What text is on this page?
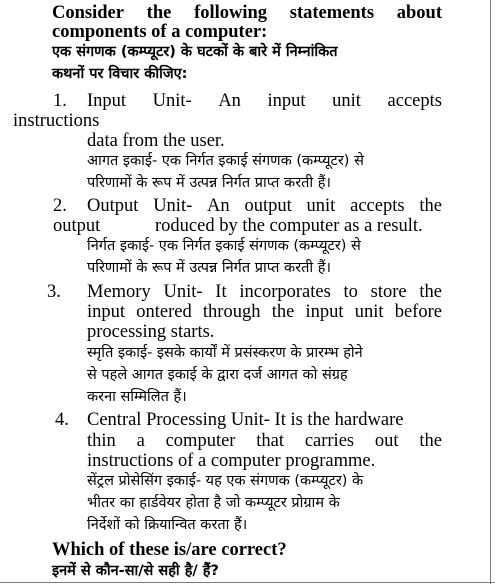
Consider the following statements about
components of a computer:
एक संगणक (कम्प्यूटर) के घटकों के बारे में निम्नांकित
कथनों पर विचार कीजिए:
1. Input Unit- An input unit accepts
instructions
data from the user.
आगत इकाई- एक निर्गत इकाई संगणक (कम्प्यूटर) से
परिणामों के रूप में उत्पन्न निर्गत प्राप्त करती हैं।
2. Output Unit- An output unit accepts the
output	roduced by the computer as a result.
निर्गत इकाई- एक निर्गत इकाई संगणक (कम्प्यूटर) से
परिणामों के रूप में उत्पन्न निर्गत प्राप्त करती हैं।
3. Memory Unit- It incorporates to store the
input ontered through the input unit before
processing starts.
स्मृति इकाई- इसके कार्यों में प्रसंस्करण के प्रारम्भ होने
से पहले आगत इकाई के द्वारा दर्ज आगत को संग्रह
करना सम्मिलित हैं।
4. Central Processing Unit- It is the hardware
thin a computer that carries out the
instructions of a computer programme.
सेंट्रल प्रोसेसिंग इकाई- यह एक संगणक (कम्प्यूटर) के
भीतर का हार्डवेयर होता है जो कम्प्यूटर प्रोग्राम के
निर्देशों को क्रियान्वित करता हैं।
Which of these is/are correct?
इनमें से कौन-सा/से सही है/ हैं?
